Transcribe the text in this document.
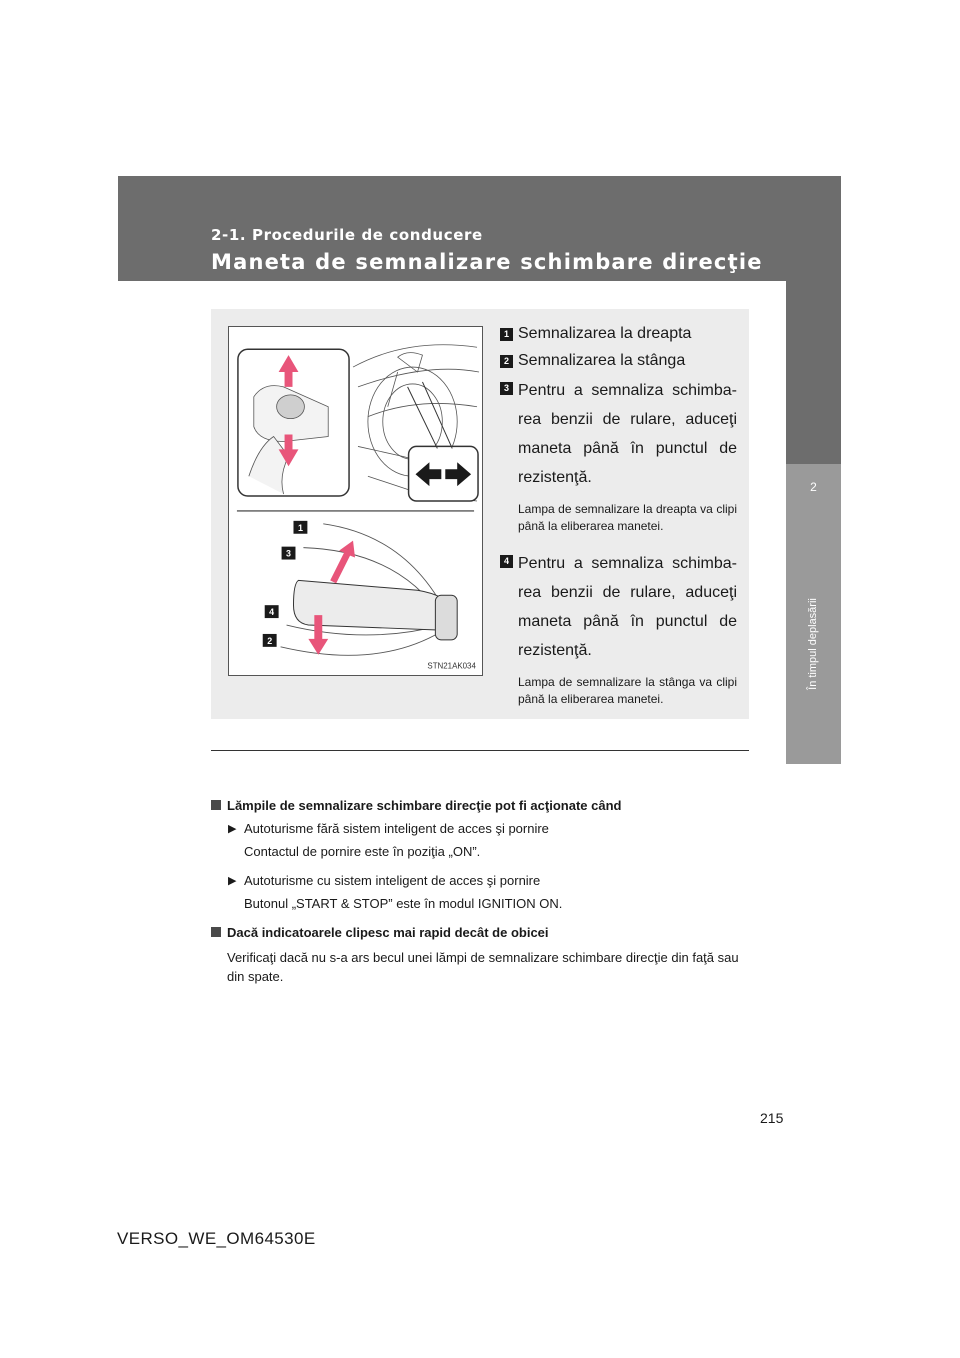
2-1. Procedurile de conducere
Maneta de semnalizare schimbare direcţie
2
În timpul deplasării
1
3
4
2
STN21AK034
1 Semnalizarea la dreapta
2 Semnalizarea la stânga
3 Pentru a semnaliza schimba-rea benzii de rulare, aduceţi maneta până în punctul de rezistenţă.
Lampa de semnalizare la dreapta va clipi până la eliberarea manetei.
4 Pentru a semnaliza schimba-rea benzii de rulare, aduceţi maneta până în punctul de rezistenţă.
Lampa de semnalizare la stânga va clipi până la eliberarea manetei.
Lămpile de semnalizare schimbare direcţie pot fi acţionate când
▶ Autoturisme fără sistem inteligent de acces şi pornire
Contactul de pornire este în poziţia „ON”.
▶ Autoturisme cu sistem inteligent de acces şi pornire
Butonul „START & STOP” este în modul IGNITION ON.
Dacă indicatoarele clipesc mai rapid decât de obicei
Verificaţi dacă nu s-a ars becul unei lămpi de semnalizare schimbare direcţie din faţă sau din spate.
215
VERSO_WE_OM64530E
